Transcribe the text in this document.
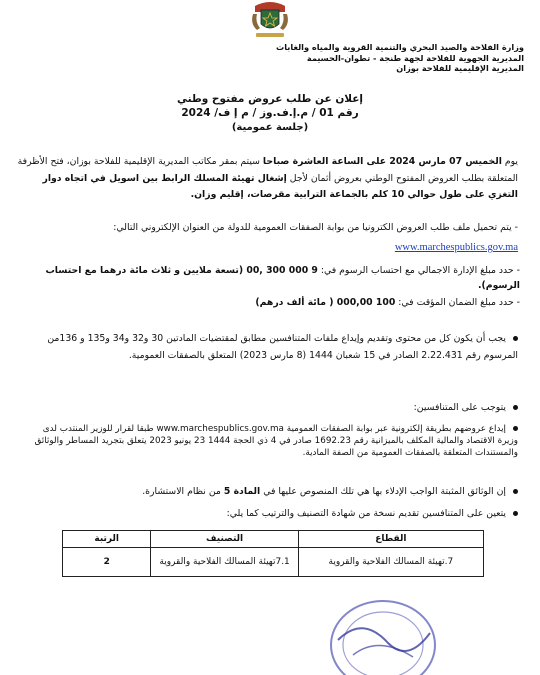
وزارة الفلاحة والصيد البحري والتنمية القروية والمياه والغابات
المديرية الجهوية للفلاحة لجهة طنجة - تطوان-الحسيمة
المديرية الإقليمية للفلاحة بوزان
إعلان عن طلب عروض مفتوح وطني
رقم 01 / م.إ.ف.وز / م إ ف/ 2024
(جلسة عمومية)
يوم الخميس 07 مارس 2024 على الساعة العاشرة صباحا سيتم بمقر مكاتب المديرية الإقليمية للفلاحة بوزان، فتح الأظرفة المتعلقة بطلب العروض المفتوح الوطني بعروض أثمان لأجل إشغال تهيئة المسلك الرابط بين اسويل في اتجاه دوار التغزي على طول حوالي 10 كلم بالجماعة الترابية مقرصات، إقليم وزان.
- يتم تحميل ملف طلب العروض الكترونيا من بوابة الصفقات العمومية للدولة من العنوان الإلكتروني التالي:
www.marchespublics.gov.ma
- حدد مبلغ الإدارة الاجمالي مع احتساب الرسوم في: 9 000 300 ,00 (تسعة ملايين و ثلاث مائة درهما مع احتساب الرسوم).
- حدد مبلغ الضمان المؤقت في: 100 000,00 ( مائة ألف درهم)
يجب أن يكون كل من محتوى وتقديم وإيداع ملفات المتنافسين مطابق لمقتضيات المادتين 30 و32 و34 و135 و 136من المرسوم رقم 2.22.431 الصادر في 15 شعبان 1444 (8 مارس 2023) المتعلق بالصفقات العمومية.
يتوجب على المتنافسين:
إيداع عروضهم بطريقة إلكترونية عبر بوابة الصفقات العمومية www.marchespublics.gov.ma طبقا لقرار للوزير المنتدب لدى وزيرة الاقتصاد والمالية المكلف بالميزانية رقم 1692.23 صادر في 4 ذي الحجة 1444 23 يونيو 2023 يتعلق بتجريد المساطر والوثائق والمستندات المتعلقة بالصفقات العمومية من الصفة المادية.
إن الوثائق المثبتة الواجب الإدلاء بها هي تلك المنصوص عليها في المادة 5 من نظام الاستشارة.
يتعين على المتنافسين تقديم نسخة من شهادة التصنيف والترتيب كما يلي:
القطاع	التصنيف	الرتبة
7.تهيئة المسالك الفلاحية والقروية	7.1تهيئة المسالك الفلاحية والقروية	2
